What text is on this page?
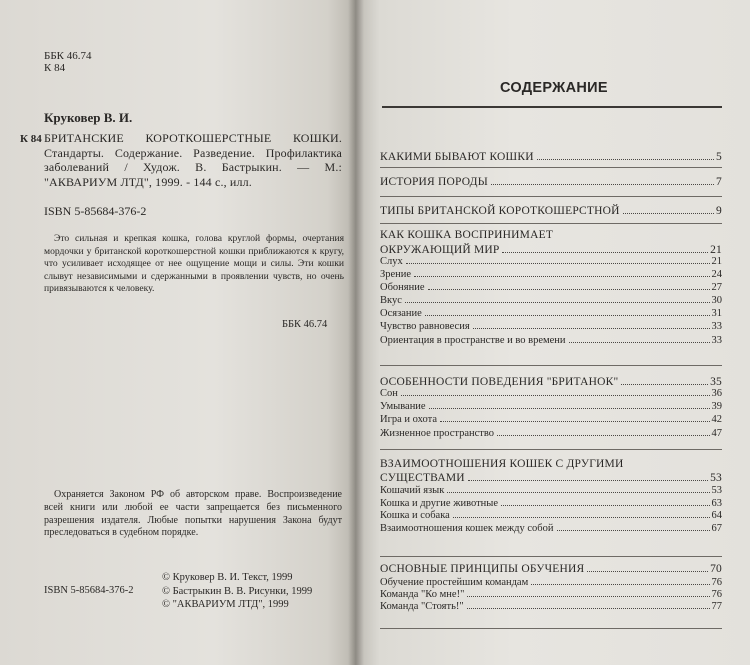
ББК 46.74
К 84
Круковер В. И.
К 84 БРИТАНСКИЕ КОРОТКОШЕРСТНЫЕ КОШКИ. Стандарты. Содержание. Разведение. Профилактика заболеваний / Худож. В. Бастрыкин. — М.: "АКВАРИУМ ЛТД", 1999. - 144 с., илл.
ISBN 5-85684-376-2
Это сильная и крепкая кошка, голова круглой формы, очертания мордочки у британской короткошерстной кошки приближаются к кругу, что усиливает исходящее от нее ощущение мощи и силы. Эти кошки слывут независимыми и сдержанными в проявлении чувств, но очень привязываются к человеку.
ББК 46.74
Охраняется Законом РФ об авторском праве. Воспроизведение всей книги или любой ее части запрещается без письменного разрешения издателя. Любые попытки нарушения Закона будут преследоваться в судебном порядке.
ISBN 5-85684-376-2
© Круковер В. И. Текст, 1999
© Бастрыкин В. В. Рисунки, 1999
© "АКВАРИУМ ЛТД", 1999
СОДЕРЖАНИЕ
КАКИМИ БЫВАЮТ КОШКИ	5
ИСТОРИЯ ПОРОДЫ	7
ТИПЫ БРИТАНСКОЙ КОРОТКОШЕРСТНОЙ	9
КАК КОШКА ВОСПРИНИМАЕТ
ОКРУЖАЮЩИЙ МИР	21
Слух	21
Зрение	24
Обоняние	27
Вкус	30
Осязание	31
Чувство равновесия	33
Ориентация в пространстве и во времени	33
ОСОБЕННОСТИ ПОВЕДЕНИЯ "БРИТАНОК"	35
Сон	36
Умывание	39
Игра и охота	42
Жизненное пространство	47
ВЗАИМООТНОШЕНИЯ КОШЕК С ДРУГИМИ
СУЩЕСТВАМИ	53
Кошачий язык	53
Кошка и другие животные	63
Кошка и собака	64
Взаимоотношения кошек между собой	67
ОСНОВНЫЕ ПРИНЦИПЫ ОБУЧЕНИЯ	70
Обучение простейшим командам	76
Команда "Ко мне!"	76
Команда "Стоять!"	77
